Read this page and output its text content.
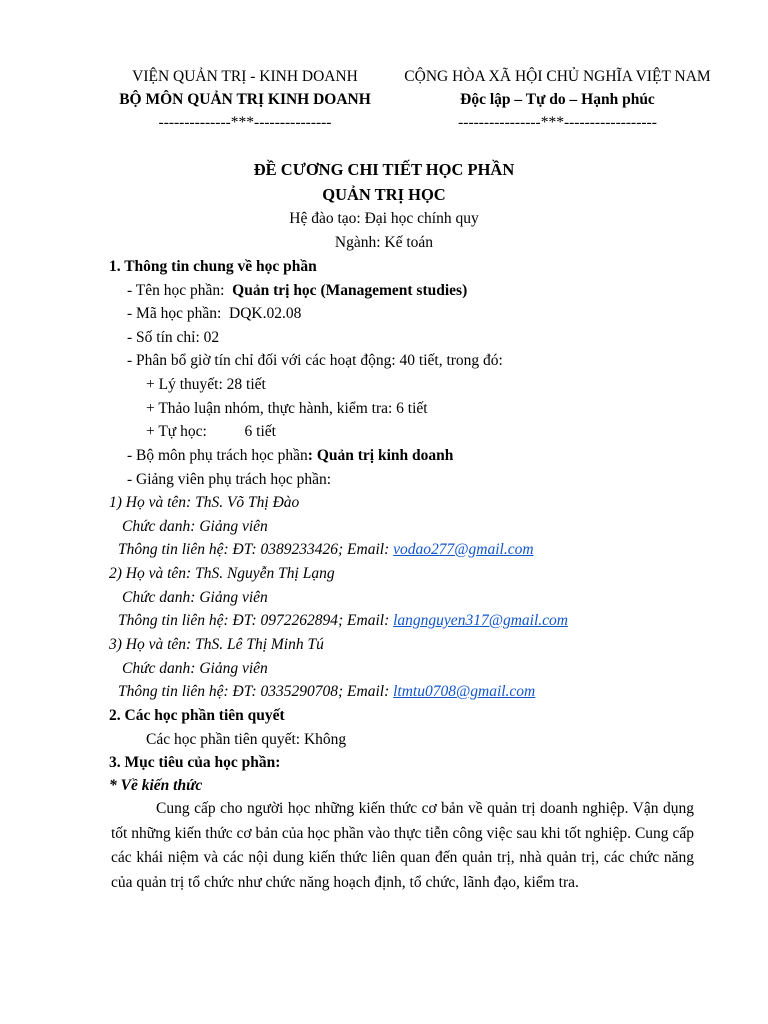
VIỆN QUẢN TRỊ - KINH DOANH
BỘ MÔN QUẢN TRỊ KINH DOANH
--------------***---------------
CỘNG HÒA XÃ HỘI CHỦ NGHĨA VIỆT NAM
Độc lập – Tự do – Hạnh phúc
----------------***------------------
ĐỀ CƯƠNG CHI TIẾT HỌC PHẦN
QUẢN TRỊ HỌC
Hệ đào tạo: Đại học chính quy
Ngành: Kế toán
1. Thông tin chung về học phần
- Tên học phần: Quản trị học (Management studies)
- Mã học phần: DQK.02.08
- Số tín chỉ: 02
- Phân bổ giờ tín chỉ đối với các hoạt động: 40 tiết, trong đó:
+ Lý thuyết: 28 tiết
+ Thảo luận nhóm, thực hành, kiểm tra: 6 tiết
+ Tự học: 6 tiết
- Bộ môn phụ trách học phần: Quản trị kinh doanh
- Giảng viên phụ trách học phần:
1) Họ và tên: ThS. Võ Thị Đào
Chức danh: Giảng viên
Thông tin liên hệ: ĐT: 0389233426; Email: vodao277@gmail.com
2) Họ và tên: ThS. Nguyễn Thị Lạng
Chức danh: Giảng viên
Thông tin liên hệ: ĐT: 0972262894; Email: langnguyen317@gmail.com
3) Họ và tên: ThS. Lê Thị Minh Tú
Chức danh: Giảng viên
Thông tin liên hệ: ĐT: 0335290708; Email: ltmtu0708@gmail.com
2. Các học phần tiên quyết
Các học phần tiên quyết: Không
3. Mục tiêu của học phần:
* Về kiến thức
Cung cấp cho người học những kiến thức cơ bản về quản trị doanh nghiệp. Vận dụng tốt những kiến thức cơ bản của học phần vào thực tiễn công việc sau khi tốt nghiệp. Cung cấp các khái niệm và các nội dung kiến thức liên quan đến quản trị, nhà quản trị, các chức năng của quản trị tổ chức như chức năng hoạch định, tổ chức, lãnh đạo, kiểm tra.
